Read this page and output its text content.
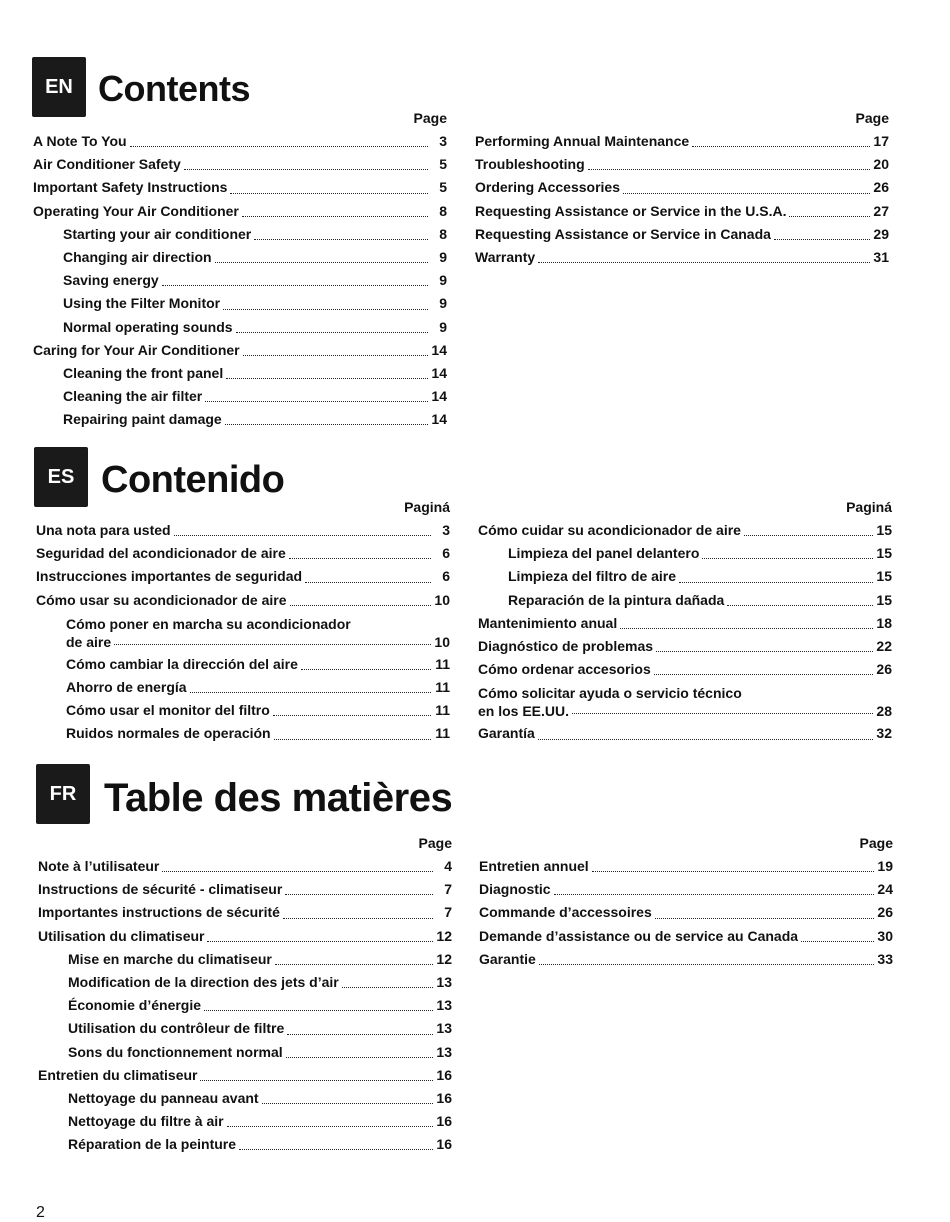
EN Contents
Page
A Note To You	3
Air Conditioner Safety	5
Important Safety Instructions	5
Operating Your Air Conditioner	8
Starting your air conditioner	8
Changing air direction	9
Saving energy	9
Using the Filter Monitor	9
Normal operating sounds	9
Caring for Your Air Conditioner	14
Cleaning the front panel	14
Cleaning the air filter	14
Repairing paint damage	14
Page
Performing Annual Maintenance	17
Troubleshooting	20
Ordering Accessories	26
Requesting Assistance or Service in the U.S.A.	27
Requesting Assistance or Service in Canada	29
Warranty	31
ES Contenido
Paginá
Una nota para usted	3
Seguridad del acondicionador de aire	6
Instrucciones importantes de seguridad	6
Cómo usar su acondicionador de aire	10
Cómo poner en marcha su acondicionador
de aire	10
Cómo cambiar la dirección del aire	11
Ahorro de energía	11
Cómo usar el monitor del filtro	11
Ruidos normales de operación	11
Paginá
Cómo cuidar su acondicionador de aire	15
Limpieza del panel delantero	15
Limpieza del filtro de aire	15
Reparación de la pintura dañada	15
Mantenimiento anual	18
Diagnóstico de problemas	22
Cómo ordenar accesorios	26
Cómo solicitar ayuda o servicio técnico
en los EE.UU.	28
Garantía	32
FR Table des matières
Page
Note à l’utilisateur	4
Instructions de sécurité - climatiseur	7
Importantes instructions de sécurité	7
Utilisation du climatiseur	12
Mise en marche du climatiseur	12
Modification de la direction des jets d’air	13
Économie d’énergie	13
Utilisation du contrôleur de filtre	13
Sons du fonctionnement normal	13
Entretien du climatiseur	16
Nettoyage du panneau avant	16
Nettoyage du filtre à air	16
Réparation de la peinture	16
Page
Entretien annuel	19
Diagnostic	24
Commande d’accessoires	26
Demande d’assistance ou de service au Canada	30
Garantie	33
2
